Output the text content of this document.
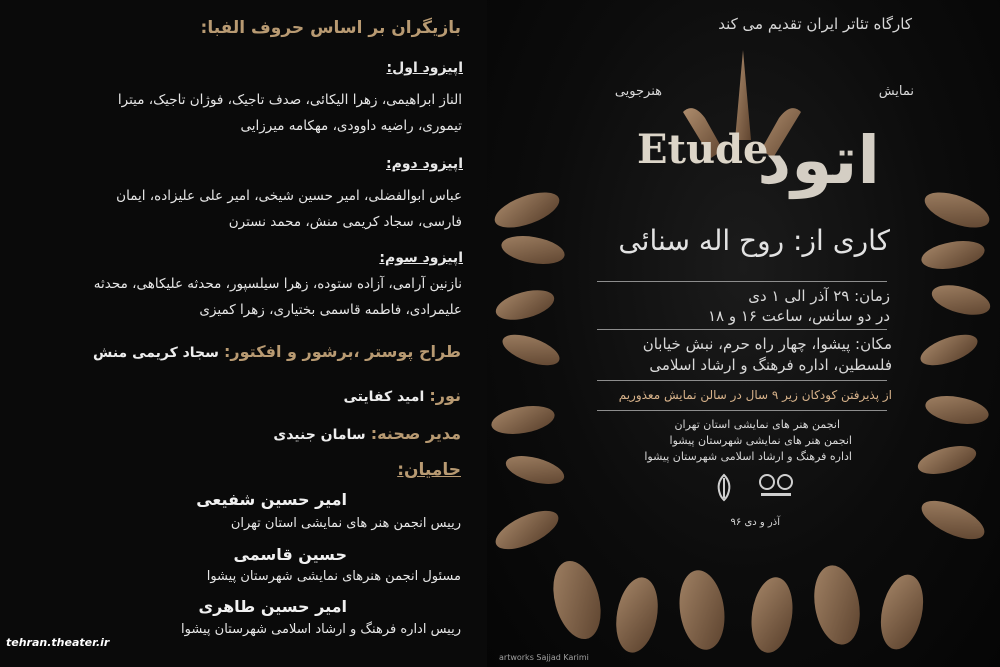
بازیگران بر اساس حروف الفبا:
اپیزود اول:
الناز ابراهیمی، زهرا الیکائی، صدف تاجیک، فوژان تاجیک، میترا
تیموری، راضیه داوودی، مهکامه میرزایی
اپیزود دوم:
عباس ابوالفضلی، امیر حسین شیخی، امیر علی علیزاده، ایمان
فارسی، سجاد کریمی منش، محمد نسترن
اپیزود سوم:
نازنین آرامی، آزاده ستوده، زهرا سیلسپور، محدثه علیکاهی، محدثه
علیمرادی، فاطمه قاسمی بختیاری، زهرا کمیزی
طراح پوستر ،برشور و افکتور: سجاد کریمی منش
نور: امید کفایتی
مدیر صحنه: سامان جنیدی
حامیان:
امیر حسین شفیعی
رییس انجمن هنر های نمایشی استان تهران
حسین قاسمی
مسئول انجمن هنرهای نمایشی شهرستان پیشوا
امیر حسین طاهری
رییس اداره فرهنگ و ارشاد اسلامی شهرستان پیشوا
tehran.theater.ir
کارگاه تئاتر ایران تقدیم می کند
نمایش
هنرجویی
Etude
اتود
کاری از: روح اله سنائی
زمان: ۲۹ آذر الی ۱ دی
در دو سانس، ساعت ۱۶ و ۱۸
مکان: پیشوا، چهار راه حرم، نبش خیابان
فلسطین، اداره فرهنگ و ارشاد اسلامی
از پذیرفتن کودکان زیر ۹ سال در سالن نمایش معذوریم
انجمن هنر های نمایشی استان تهران
انجمن هنر های نمایشی شهرستان پیشوا
اداره فرهنگ و ارشاد اسلامی شهرستان پیشوا
آذر و دی ۹۶
artworks Sajjad Karimi
